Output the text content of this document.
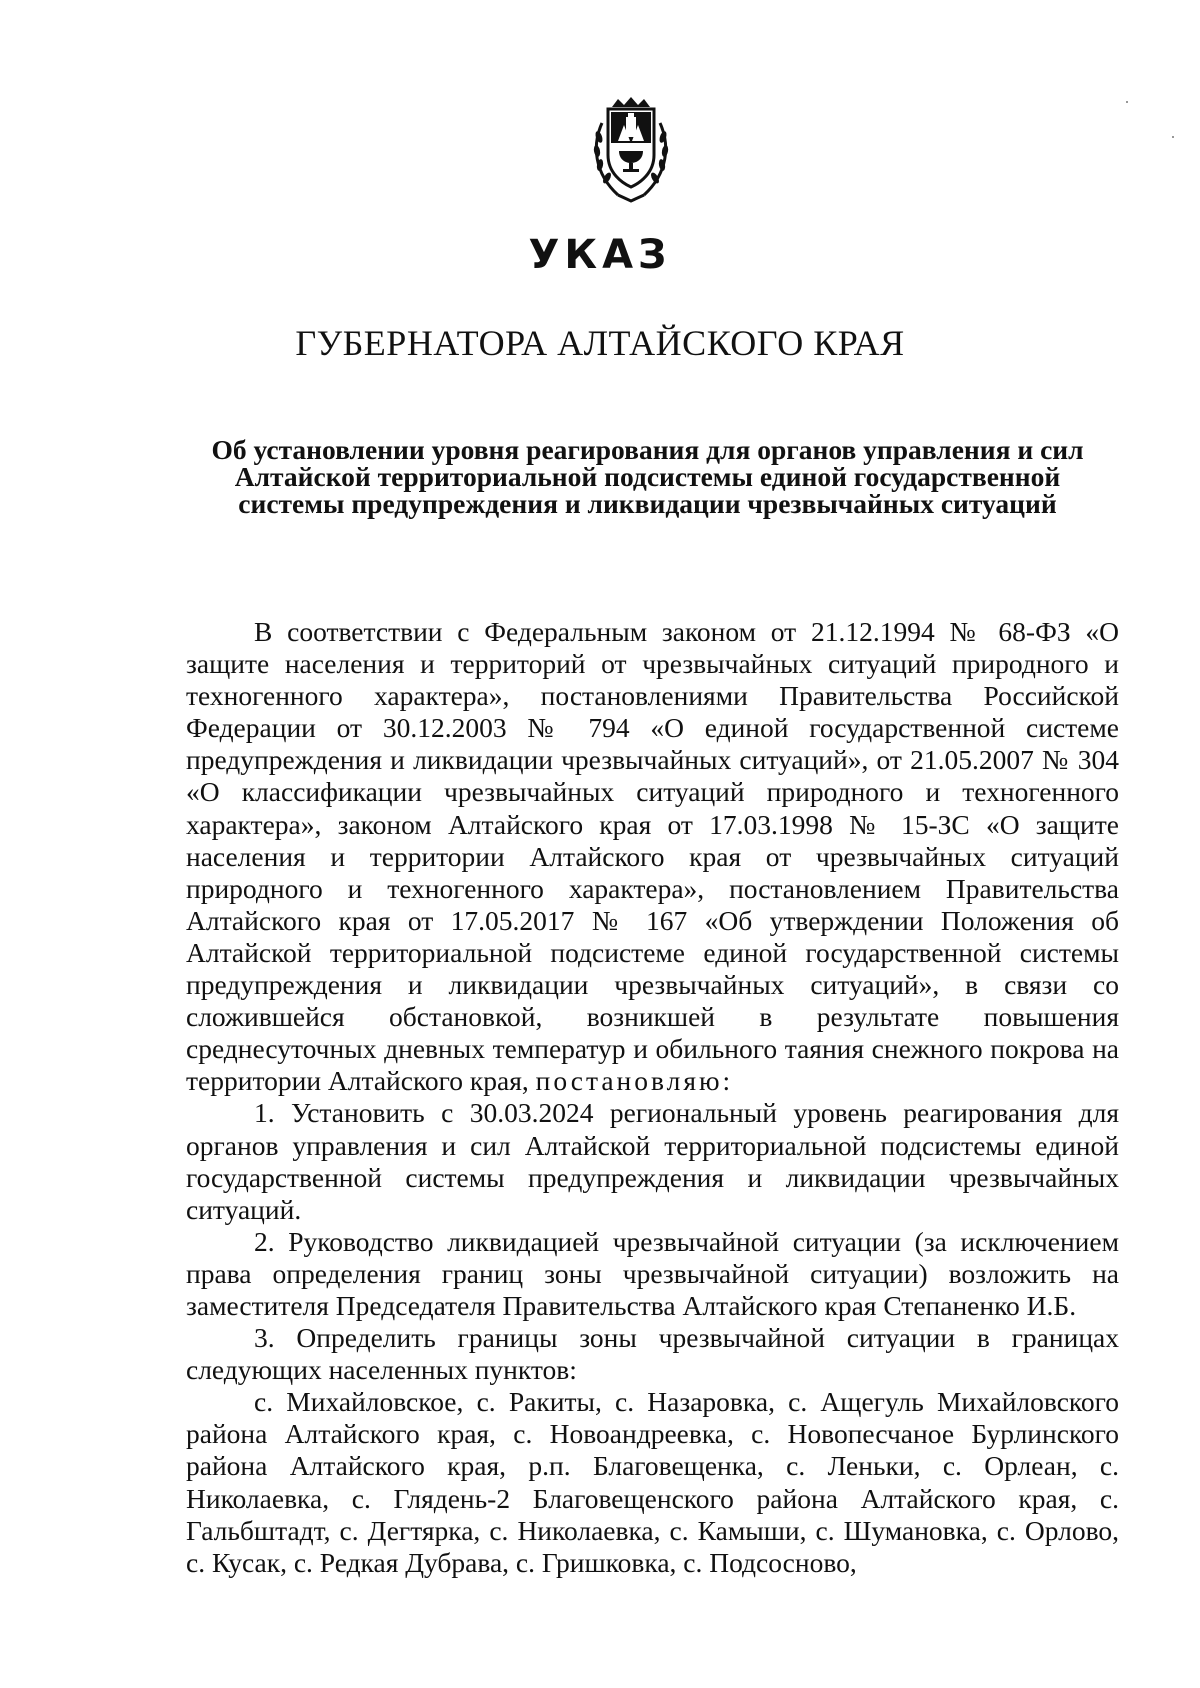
УКАЗ
ГУБЕРНАТОРА АЛТАЙСКОГО КРАЯ
Об установлении уровня реагирования для органов управления и сил
Алтайской территориальной подсистемы единой государственной
системы предупреждения и ликвидации чрезвычайных ситуаций

В соответствии с Федеральным законом от 21.12.1994 № 68-ФЗ «О защите населения и территорий от чрезвычайных ситуаций природного и техногенного характера», постановлениями Правительства Российской Федерации от 30.12.2003 № 794 «О единой государственной системе предупреждения и ликвидации чрезвычайных ситуаций», от 21.05.2007 № 304 «О классификации чрезвычайных ситуаций природного и техногенного характера», законом Алтайского края от 17.03.1998 № 15-ЗС «О защите населения и территории Алтайского края от чрезвычайных ситуаций природного и техногенного характера», постановлением Правительства Алтайского края от 17.05.2017 № 167 «Об утверждении Положения об Алтайской территориальной подсистеме единой государственной системы предупреждения и ликвидации чрезвычайных ситуаций», в связи со сложившейся обстановкой, возникшей в результате повышения среднесуточных дневных температур и обильного таяния снежного покрова на территории Алтайского края, постановляю:

1. Установить с 30.03.2024 региональный уровень реагирования для органов управления и сил Алтайской территориальной подсистемы единой государственной системы предупреждения и ликвидации чрезвычайных ситуаций.

2. Руководство ликвидацией чрезвычайной ситуации (за исключением права определения границ зоны чрезвычайной ситуации) возложить на заместителя Председателя Правительства Алтайского края Степаненко И.Б.

3. Определить границы зоны чрезвычайной ситуации в границах следующих населенных пунктов:

с. Михайловское, с. Ракиты, с. Назаровка, с. Ащегуль Михайловского района Алтайского края, с. Новоандреевка, с. Новопесчаное Бурлинского района Алтайского края, р.п. Благовещенка, с. Леньки, с. Орлеан, с. Николаевка, с. Глядень-2 Благовещенского района Алтайского края, с. Гальбштадт, с. Дегтярка, с. Николаевка, с. Камыши, с. Шумановка, с. Орлово, с. Кусак, с. Редкая Дубрава, с. Гришковка, с. Подсосново,
